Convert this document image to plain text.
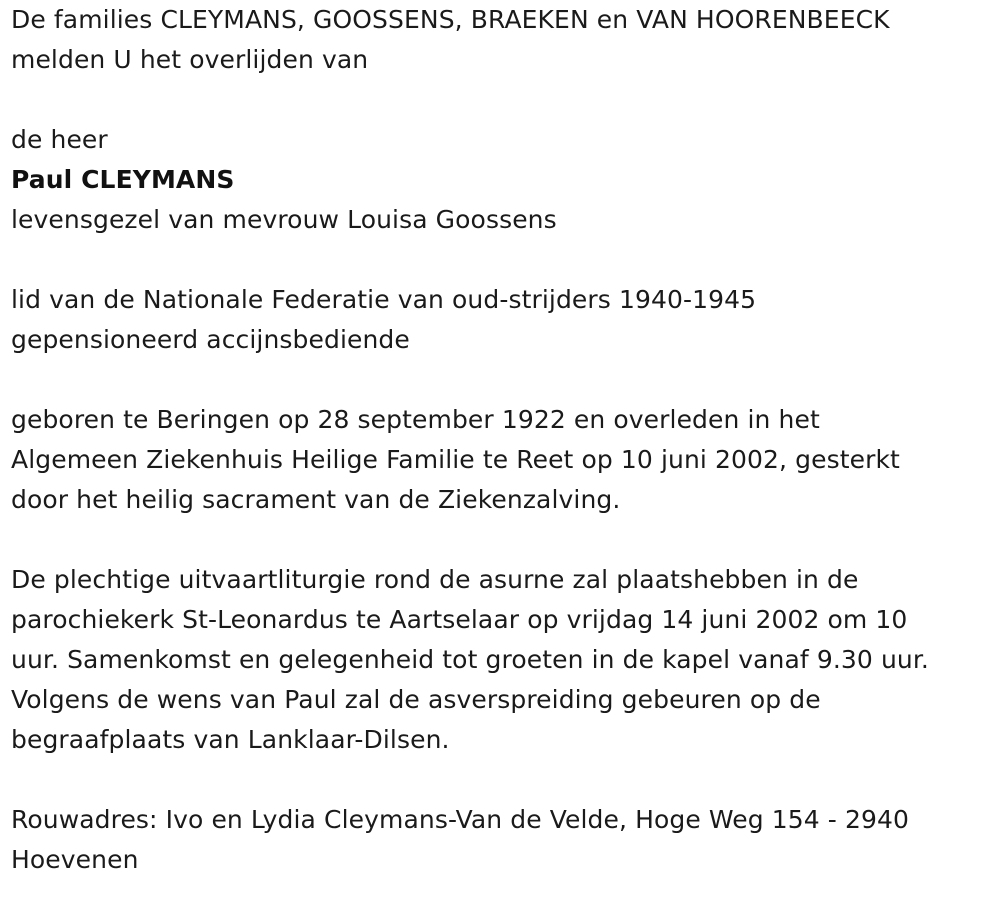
De families CLEYMANS, GOOSSENS, BRAEKEN en VAN HOORENBEECK
melden U het overlijden van
de heer
Paul CLEYMANS
levensgezel van mevrouw Louisa Goossens
lid van de Nationale Federatie van oud-strijders 1940-1945
gepensioneerd accijnsbediende
geboren te Beringen op 28 september 1922 en overleden in het
Algemeen Ziekenhuis Heilige Familie te Reet op 10 juni 2002, gesterkt
door het heilig sacrament van de Ziekenzalving.
De plechtige uitvaartliturgie rond de asurne zal plaatshebben in de
parochiekerk St-Leonardus te Aartselaar op vrijdag 14 juni 2002 om 10
uur. Samenkomst en gelegenheid tot groeten in de kapel vanaf 9.30 uur.
Volgens de wens van Paul zal de asverspreiding gebeuren op de
begraafplaats van Lanklaar-Dilsen.
Rouwadres: Ivo en Lydia Cleymans-Van de Velde, Hoge Weg 154 - 2940
Hoevenen
